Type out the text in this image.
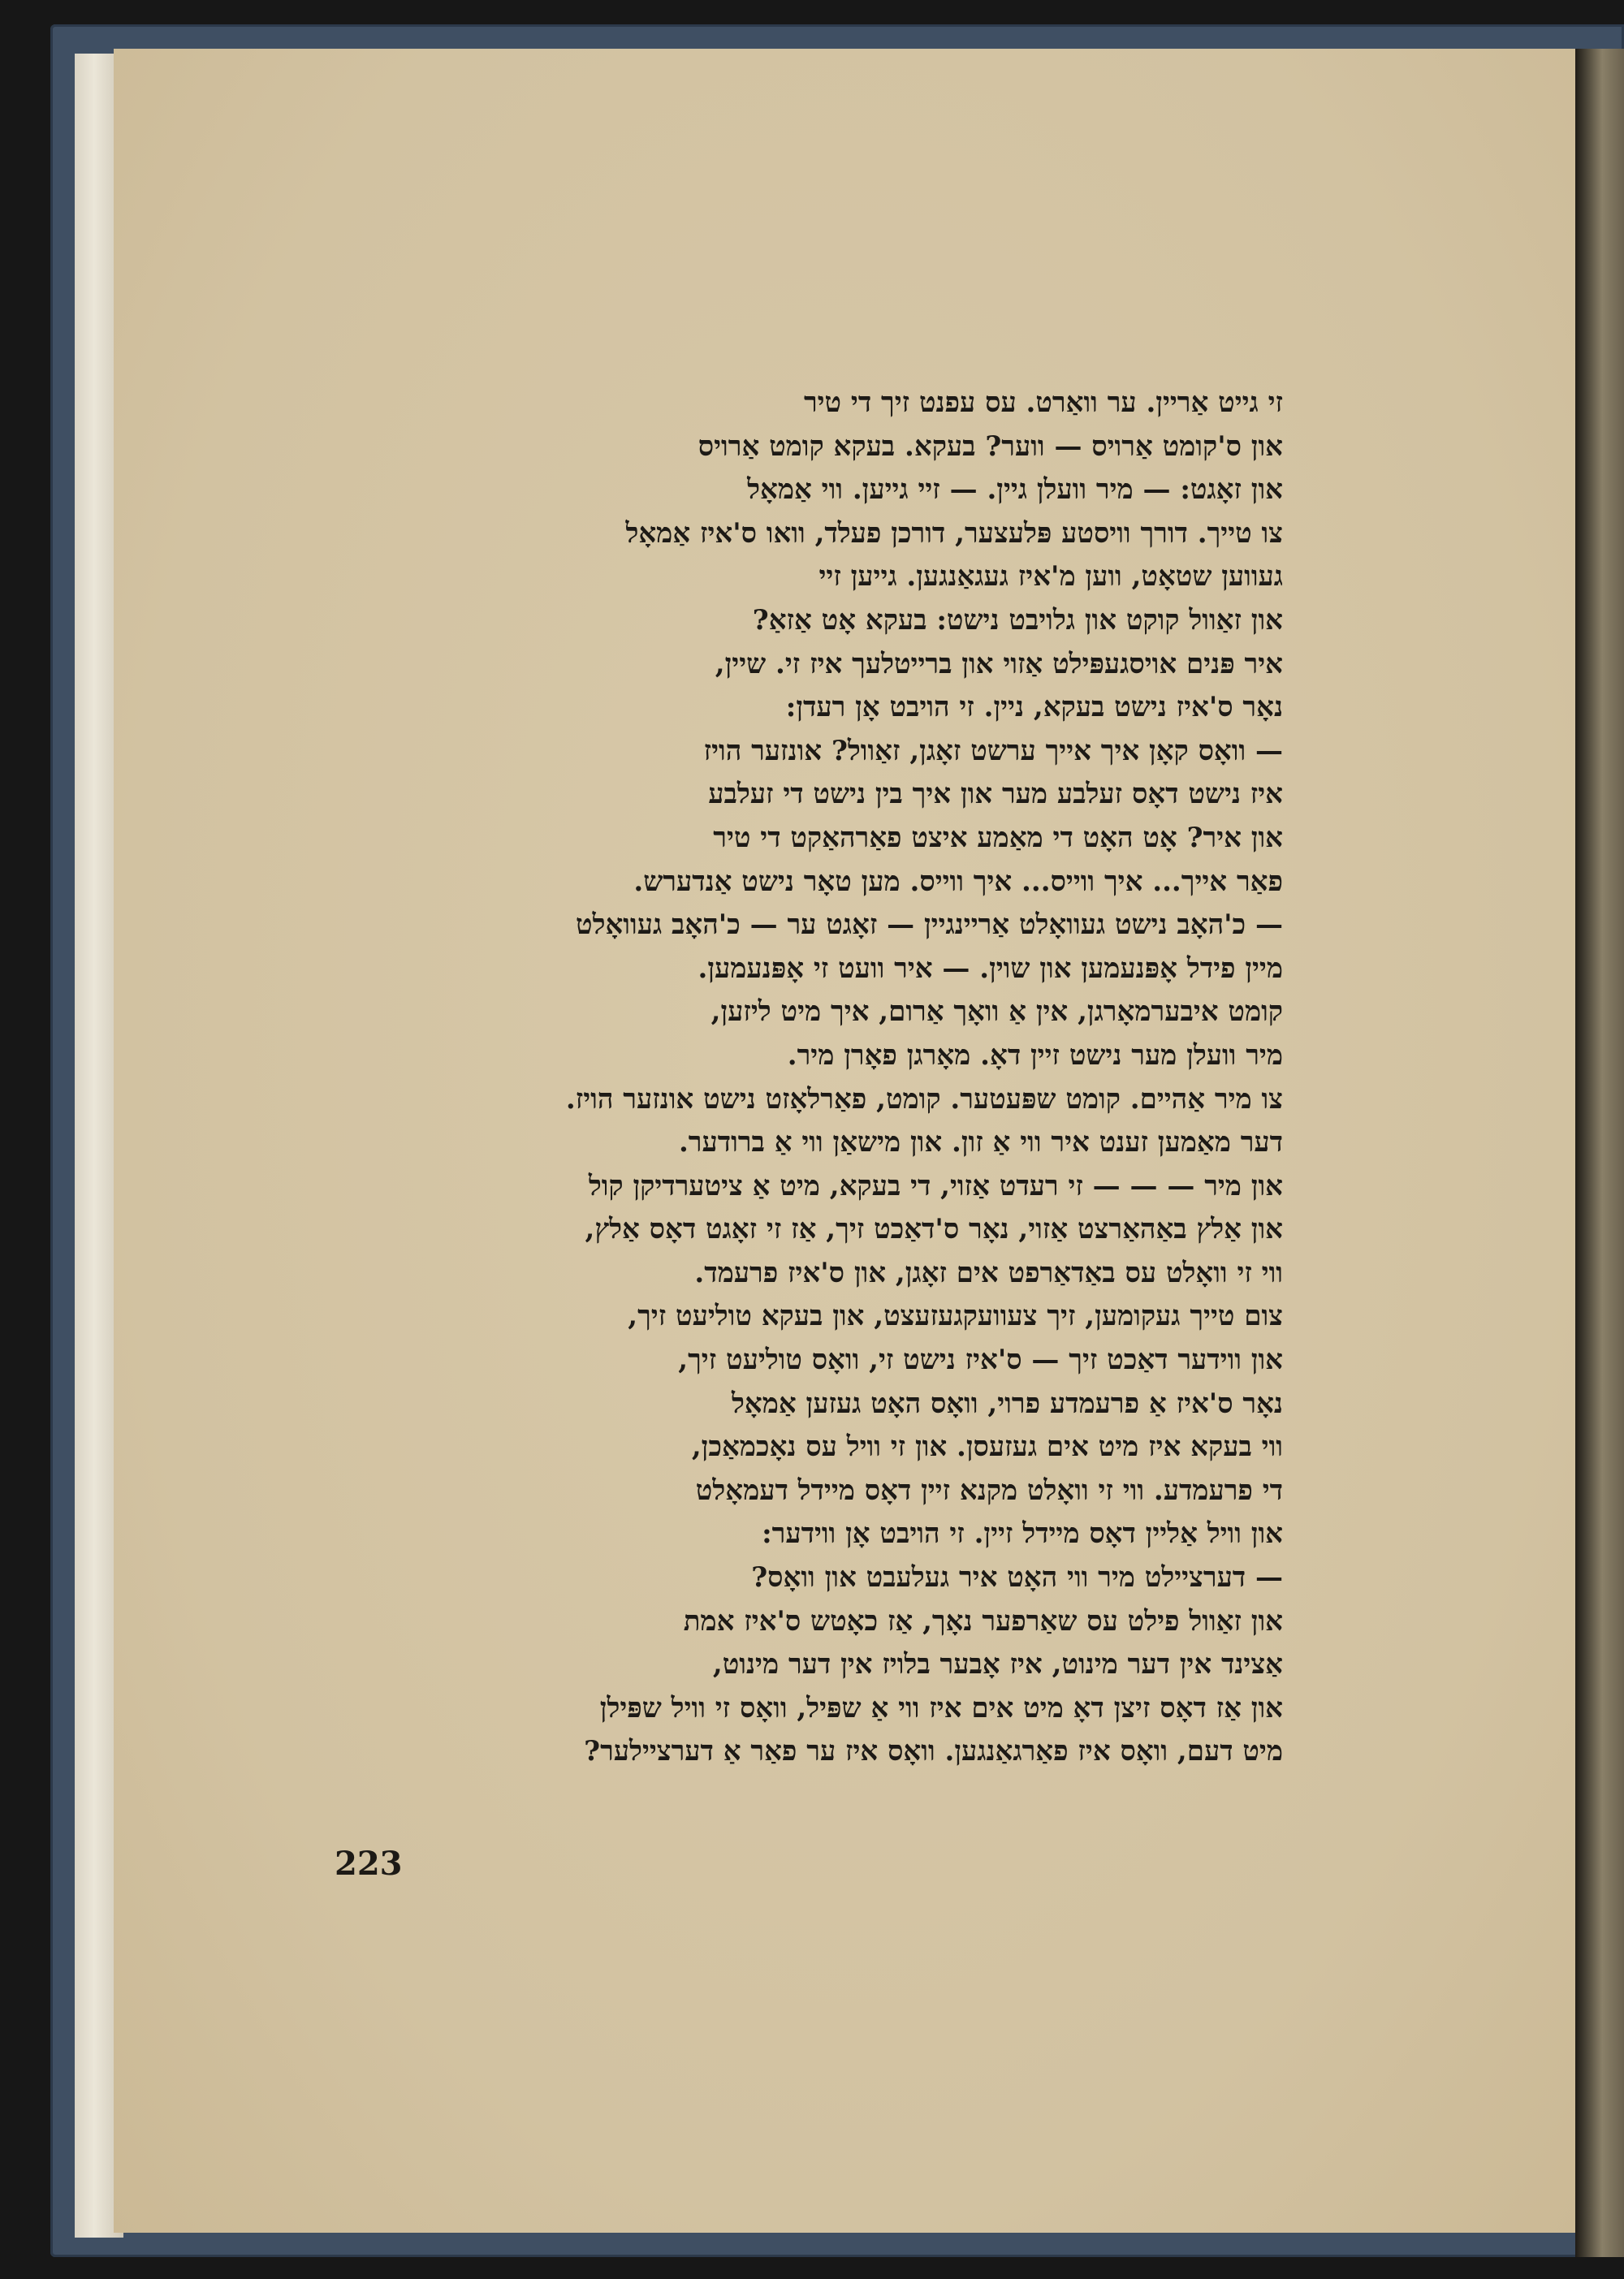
זי גייט אַריין. ער וואַרט. עס עפנט זיך די טיר
און ס'קומט אַרויס — ווער? בעקא. בעקא קומט אַרויס
און זאָגט: — מיר וועלן גיין. — זיי גייען. ווי אַמאָל
צו טייך. דורך וויסטע פּלעצער, דורכן פעלד, וואו ס'איז אַמאָל
געווען שטאָט, ווען מ'איז געגאַנגען. גייען זיי
און זאַוול קוקט און גלויבט נישט: בעקא אָט אַזאַ?
איר פּנים אויסגעפּילט אַזוי און ברייטלעך איז זי. שיין,
נאָר ס'איז נישט בעקא, ניין. זי הויבט אָן רעדן:
— וואָס קאָן איך אייך ערשט זאָגן, זאַוול? אונזער הויז
איז נישט דאָס זעלבע מער און איך בין נישט די זעלבע
און איר? אָט האָט די מאַמע איצט פאַרהאַקט די טיר
פאַר אייך... איך ווייס... איך ווייס. מען טאָר נישט אַנדערש.
— כ'האָב נישט געוואָלט אַריינגיין — זאָגט ער — כ'האָב געוואָלט
מיין פידל אָפּנעמען און שוין. — איר וועט זי אָפּנעמען.
קומט איבערמאָרגן, אין אַ וואָך אַרום, איך מיט ליזען,
מיר וועלן מער נישט זיין דאָ. מאָרגן פאָרן מיר.
צו מיר אַהיים. קומט שפּעטער. קומט, פאַרלאָזט נישט אונזער הויז.
דער מאַמען זענט איר ווי אַ זון. און מישאַן ווי אַ ברודער.
און מיר — — — זי רעדט אַזוי, די בעקא, מיט אַ ציטערדיקן קול
און אַלץ באַהאַרצט אַזוי, נאָר ס'דאַכט זיך, אַז זי זאָגט דאָס אַלץ,
ווי זי וואָלט עס באַדאַרפט אים זאָגן, און ס'איז פרעמד.
צום טייך געקומען, זיך צעוועקגעזעצט, און בעקא טוליעט זיך,
און ווידער דאַכט זיך — ס'איז נישט זי, וואָס טוליעט זיך,
נאָר ס'איז אַ פרעמדע פרוי, וואָס האָט געזען אַמאָל
ווי בעקא איז מיט אים געזעסן. און זי וויל עס נאָכמאַכן,
די פרעמדע. ווי זי וואָלט מקנא זיין דאָס מיידל דעמאָלט
און וויל אַליין דאָס מיידל זיין. זי הויבט אָן ווידער:
— דערציילט מיר ווי האָט איר געלעבט און וואָס?
און זאַוול פילט עס שאַרפער נאָך, אַז כאָטש ס'איז אמת
אַצינד אין דער מינוט, איז אָבער בלויז אין דער מינוט,
און אַז דאָס זיצן דאָ מיט אים איז ווי אַ שפּיל, וואָס זי וויל שפּילן
מיט דעם, וואָס איז פאַרגאַנגען. וואָס איז ער פאַר אַ דערציילער?
223
